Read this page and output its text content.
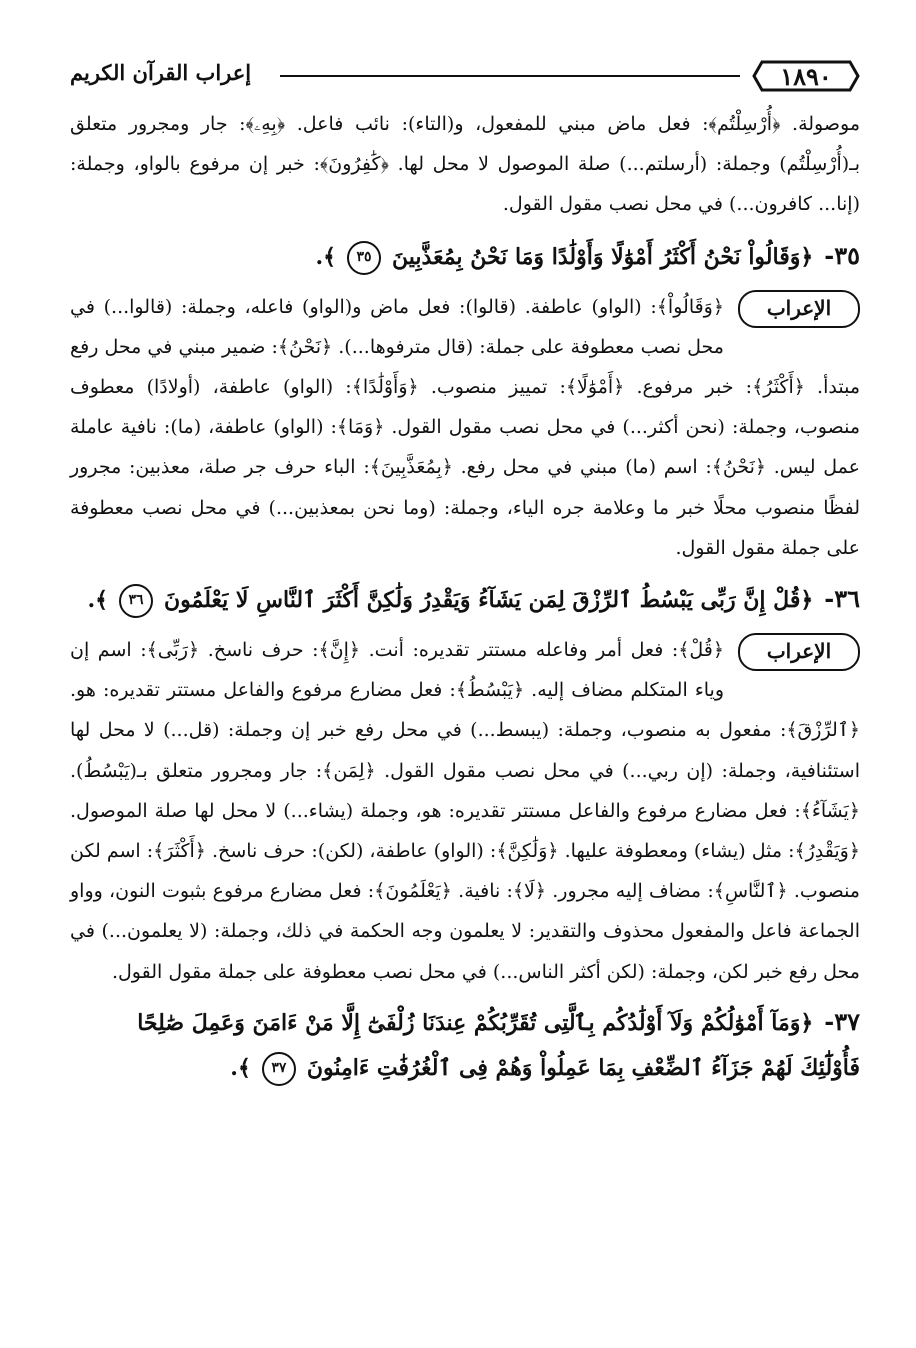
١٨٩٠
إعراب القرآن الكريم

موصولة. ﴿أُرْسِلْتُم﴾: فعل ماض مبني للمفعول، و(التاء): نائب فاعل. ﴿بِهِۦ﴾: جار ومجرور متعلق بـ(أُرْسِلْتُم) وجملة: (أرسلتم...) صلة الموصول لا محل لها. ﴿كَٰفِرُونَ﴾: خبر إن مرفوع بالواو، وجملة: (إنا... كافرون...) في محل نصب مقول القول.

٣٥- ﴿وَقَالُواْ نَحْنُ أَكْثَرُ أَمْوَٰلًا وَأَوْلَٰدًا وَمَا نَحْنُ بِمُعَذَّبِينَ ٣٥ ﴾.
الإعراب

﴿وَقَالُواْ﴾: (الواو) عاطفة. (قالوا): فعل ماض و(الواو) فاعله، وجملة: (قالوا...) في محل نصب معطوفة على جملة: (قال مترفوها...). ﴿نَحْنُ﴾: ضمير مبني في محل رفع مبتدأ. ﴿أَكْثَرُ﴾: خبر مرفوع. ﴿أَمْوَٰلًا﴾: تمييز منصوب. ﴿وَأَوْلَٰدًا﴾: (الواو) عاطفة، (أولادًا) معطوف منصوب، وجملة: (نحن أكثر...) في محل نصب مقول القول. ﴿وَمَا﴾: (الواو) عاطفة، (ما): نافية عاملة عمل ليس. ﴿نَحْنُ﴾: اسم (ما) مبني في محل رفع. ﴿بِمُعَذَّبِينَ﴾: الباء حرف جر صلة، معذبين: مجرور لفظًا منصوب محلًا خبر ما وعلامة جره الياء، وجملة: (وما نحن بمعذبين...) في محل نصب معطوفة على جملة مقول القول.

٣٦- ﴿قُلْ إِنَّ رَبِّى يَبْسُطُ ٱلرِّزْقَ لِمَن يَشَآءُ وَيَقْدِرُ وَلَٰكِنَّ أَكْثَرَ ٱلنَّاسِ لَا يَعْلَمُونَ ٣٦ ﴾.
الإعراب

﴿قُلْ﴾: فعل أمر وفاعله مستتر تقديره: أنت. ﴿إِنَّ﴾: حرف ناسخ. ﴿رَبِّى﴾: اسم إن وياء المتكلم مضاف إليه. ﴿يَبْسُطُ﴾: فعل مضارع مرفوع والفاعل مستتر تقديره: هو. ﴿ٱلرِّزْقَ﴾: مفعول به منصوب، وجملة: (يبسط...) في محل رفع خبر إن وجملة: (قل...) لا محل لها استئنافية، وجملة: (إن ربي...) في محل نصب مقول القول. ﴿لِمَن﴾: جار ومجرور متعلق بـ(يَبْسُطُ). ﴿يَشَآءُ﴾: فعل مضارع مرفوع والفاعل مستتر تقديره: هو، وجملة (يشاء...) لا محل لها صلة الموصول. ﴿وَيَقْدِرُ﴾: مثل (يشاء) ومعطوفة عليها. ﴿وَلَٰكِنَّ﴾: (الواو) عاطفة، (لكن): حرف ناسخ. ﴿أَكْثَرَ﴾: اسم لكن منصوب. ﴿ٱلنَّاسِ﴾: مضاف إليه مجرور. ﴿لَا﴾: نافية. ﴿يَعْلَمُونَ﴾: فعل مضارع مرفوع بثبوت النون، وواو الجماعة فاعل والمفعول محذوف والتقدير: لا يعلمون وجه الحكمة في ذلك، وجملة: (لا يعلمون...) في محل رفع خبر لكن، وجملة: (لكن أكثر الناس...) في محل نصب معطوفة على جملة مقول القول.

٣٧- ﴿وَمَآ أَمْوَٰلُكُمْ وَلَآ أَوْلَٰدُكُم بِٱلَّتِى تُقَرِّبُكُمْ عِندَنَا زُلْفَىٰٓ إِلَّا مَنْ ءَامَنَ وَعَمِلَ صَٰلِحًا فَأُوْلَٰٓئِكَ لَهُمْ جَزَآءُ ٱلضِّعْفِ بِمَا عَمِلُواْ وَهُمْ فِى ٱلْغُرُفَٰتِ ءَامِنُونَ ٣٧ ﴾.
